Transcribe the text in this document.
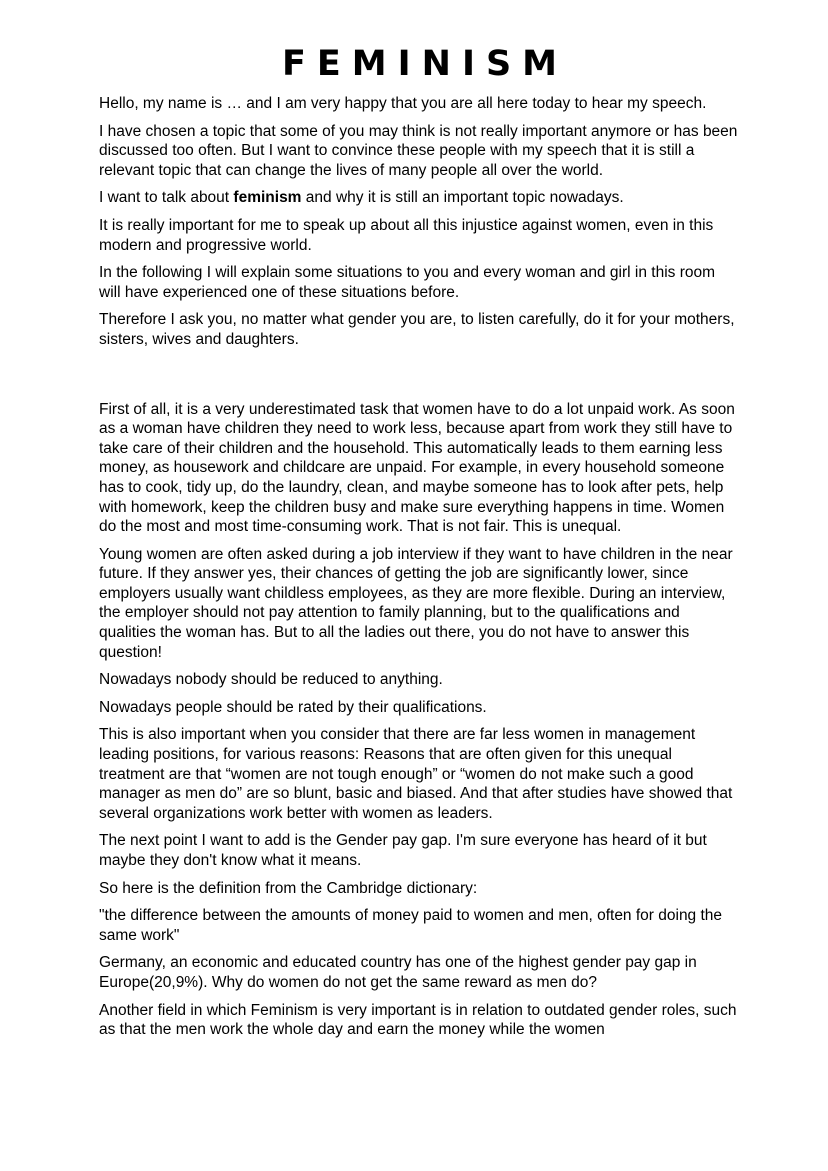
FEMINISM

Hello, my name is … and I am very happy that you are all here today to hear my speech.

I have chosen a topic that some of you may think is not really important anymore or has been discussed too often. But I want to convince these people with my speech that it is still a relevant topic that can change the lives of many people all over the world.

I want to talk about feminism and why it is still an important topic nowadays.

It is really important for me to speak up about all this injustice against women, even in this modern and progressive world.

In the following I will explain some situations to you and every woman and girl in this room will have experienced one of these situations before.

Therefore I ask you, no matter what gender you are, to listen carefully, do it for your mothers, sisters, wives and daughters.

First of all, it is a very underestimated task that women have to do a lot unpaid work. As soon as a woman have children they need to work less, because apart from work they still have to take care of their children and the household. This automatically leads to them earning less money, as housework and childcare are unpaid. For example, in every household someone has to cook, tidy up, do the laundry, clean, and maybe someone has to look after pets, help with homework, keep the children busy and make sure everything happens in time. Women do the most and most time-consuming work. That is not fair. This is unequal.

Young women are often asked during a job interview if they want to have children in the near future. If they answer yes, their chances of getting the job are significantly lower, since employers usually want childless employees, as they are more flexible. During an interview, the employer should not pay attention to family planning, but to the qualifications and qualities the woman has. But to all the ladies out there, you do not have to answer this question!

Nowadays nobody should be reduced to anything.

Nowadays people should be rated by their qualifications.

This is also important when you consider that there are far less women in management leading positions, for various reasons: Reasons that are often given for this unequal treatment are that “women are not tough enough” or “women do not make such a good manager as men do” are so blunt, basic and biased. And that after studies have showed that several organizations work better with women as leaders.

The next point I want to add is the Gender pay gap. I'm sure everyone has heard of it but maybe they don't know what it means.

So here is the definition from the Cambridge dictionary:

"the difference between the amounts of money paid to women and men, often for doing the same work"

Germany, an economic and educated country has one of the highest gender pay gap in Europe(20,9%). Why do women do not get the same reward as men do?

Another field in which Feminism is very important is in relation to outdated gender roles, such as that the men work the whole day and earn the money while the women
